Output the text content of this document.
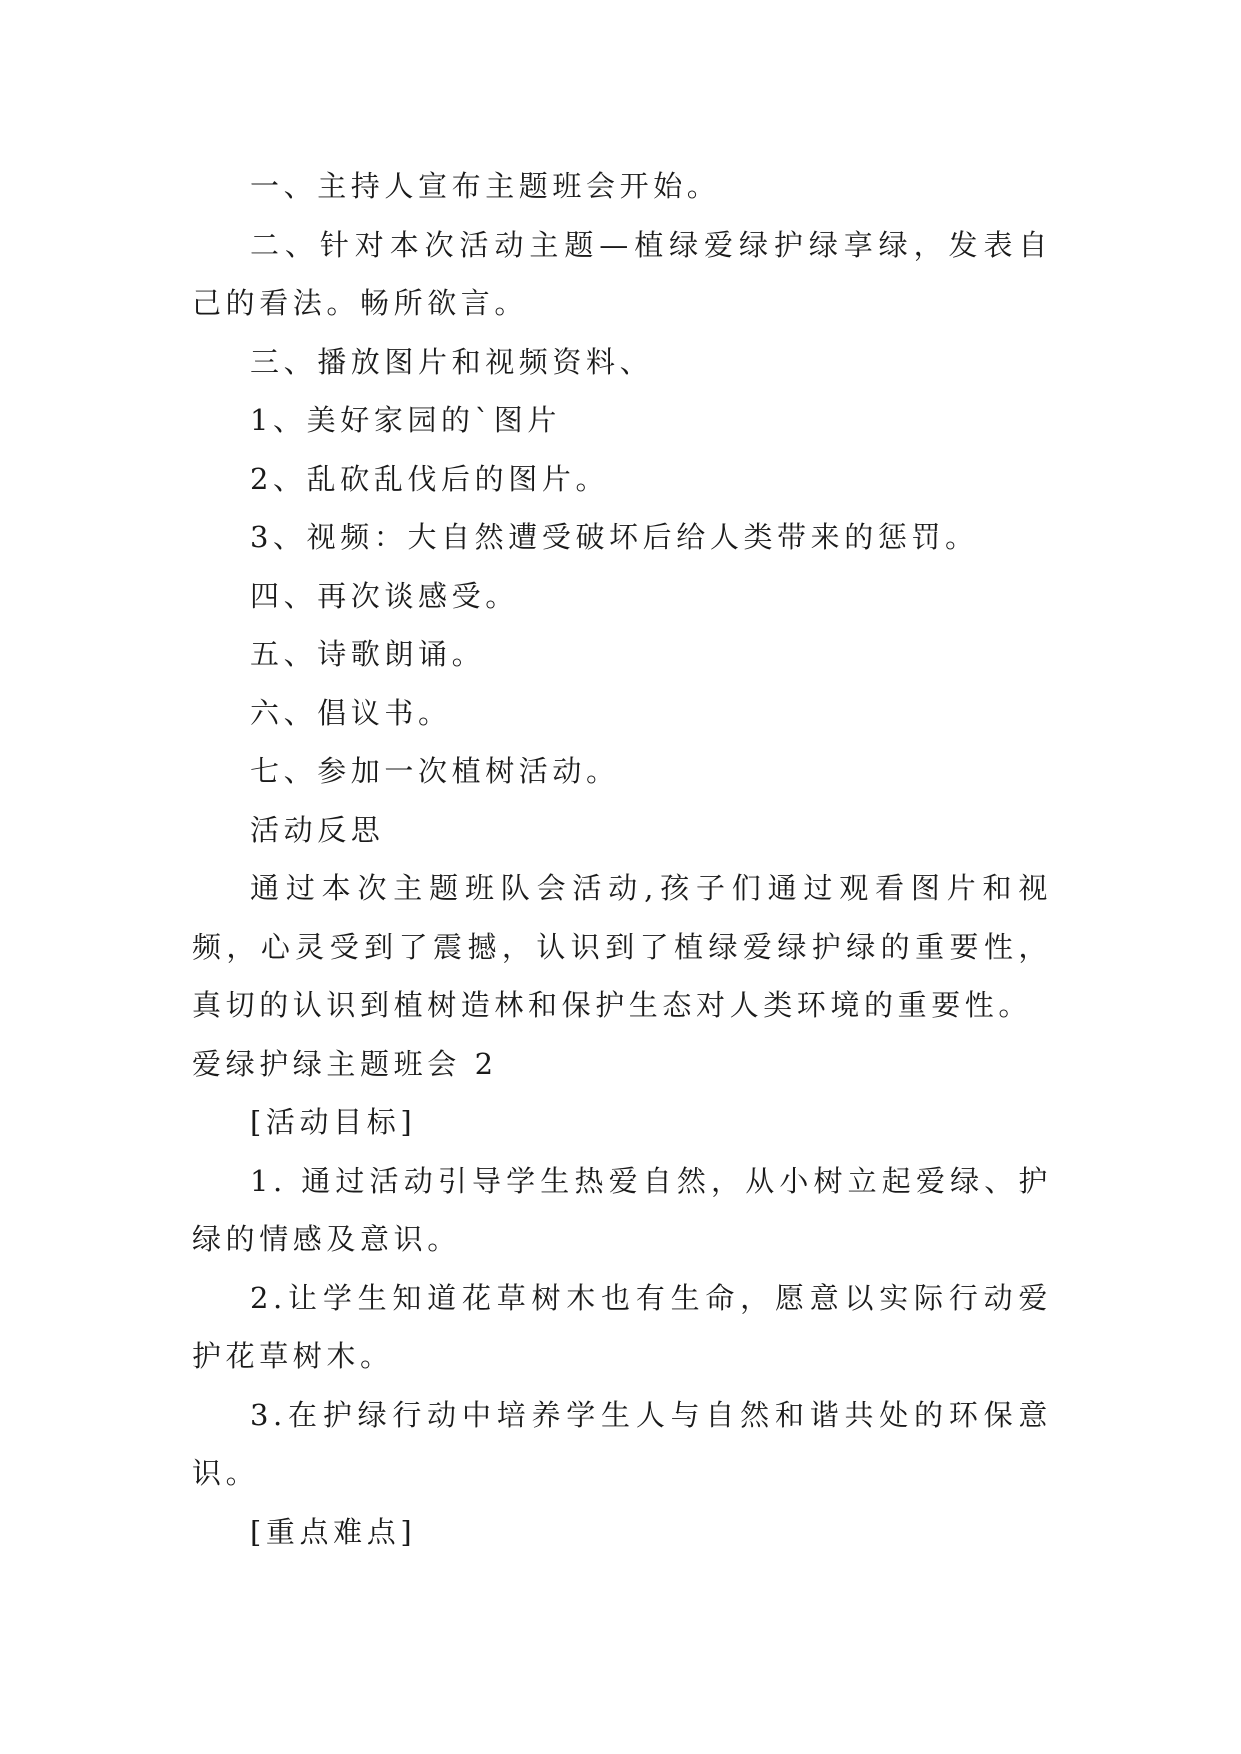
一、主持人宣布主题班会开始。

二、针对本次活动主题—植绿爱绿护绿享绿，发表自己的看法。畅所欲言。

三、播放图片和视频资料、

1、美好家园的`图片

2、乱砍乱伐后的图片。

3、视频：大自然遭受破坏后给人类带来的惩罚。

四、再次谈感受。

五、诗歌朗诵。

六、倡议书。

七、参加一次植树活动。

活动反思

通过本次主题班队会活动,孩子们通过观看图片和视频，心灵受到了震撼，认识到了植绿爱绿护绿的重要性，真切的认识到植树造林和保护生态对人类环境的重要性。

爱绿护绿主题班会 2

[活动目标]

1. 通过活动引导学生热爱自然，从小树立起爱绿、护绿的情感及意识。

2.让学生知道花草树木也有生命，愿意以实际行动爱护花草树木。

3.在护绿行动中培养学生人与自然和谐共处的环保意识。

[重点难点]
